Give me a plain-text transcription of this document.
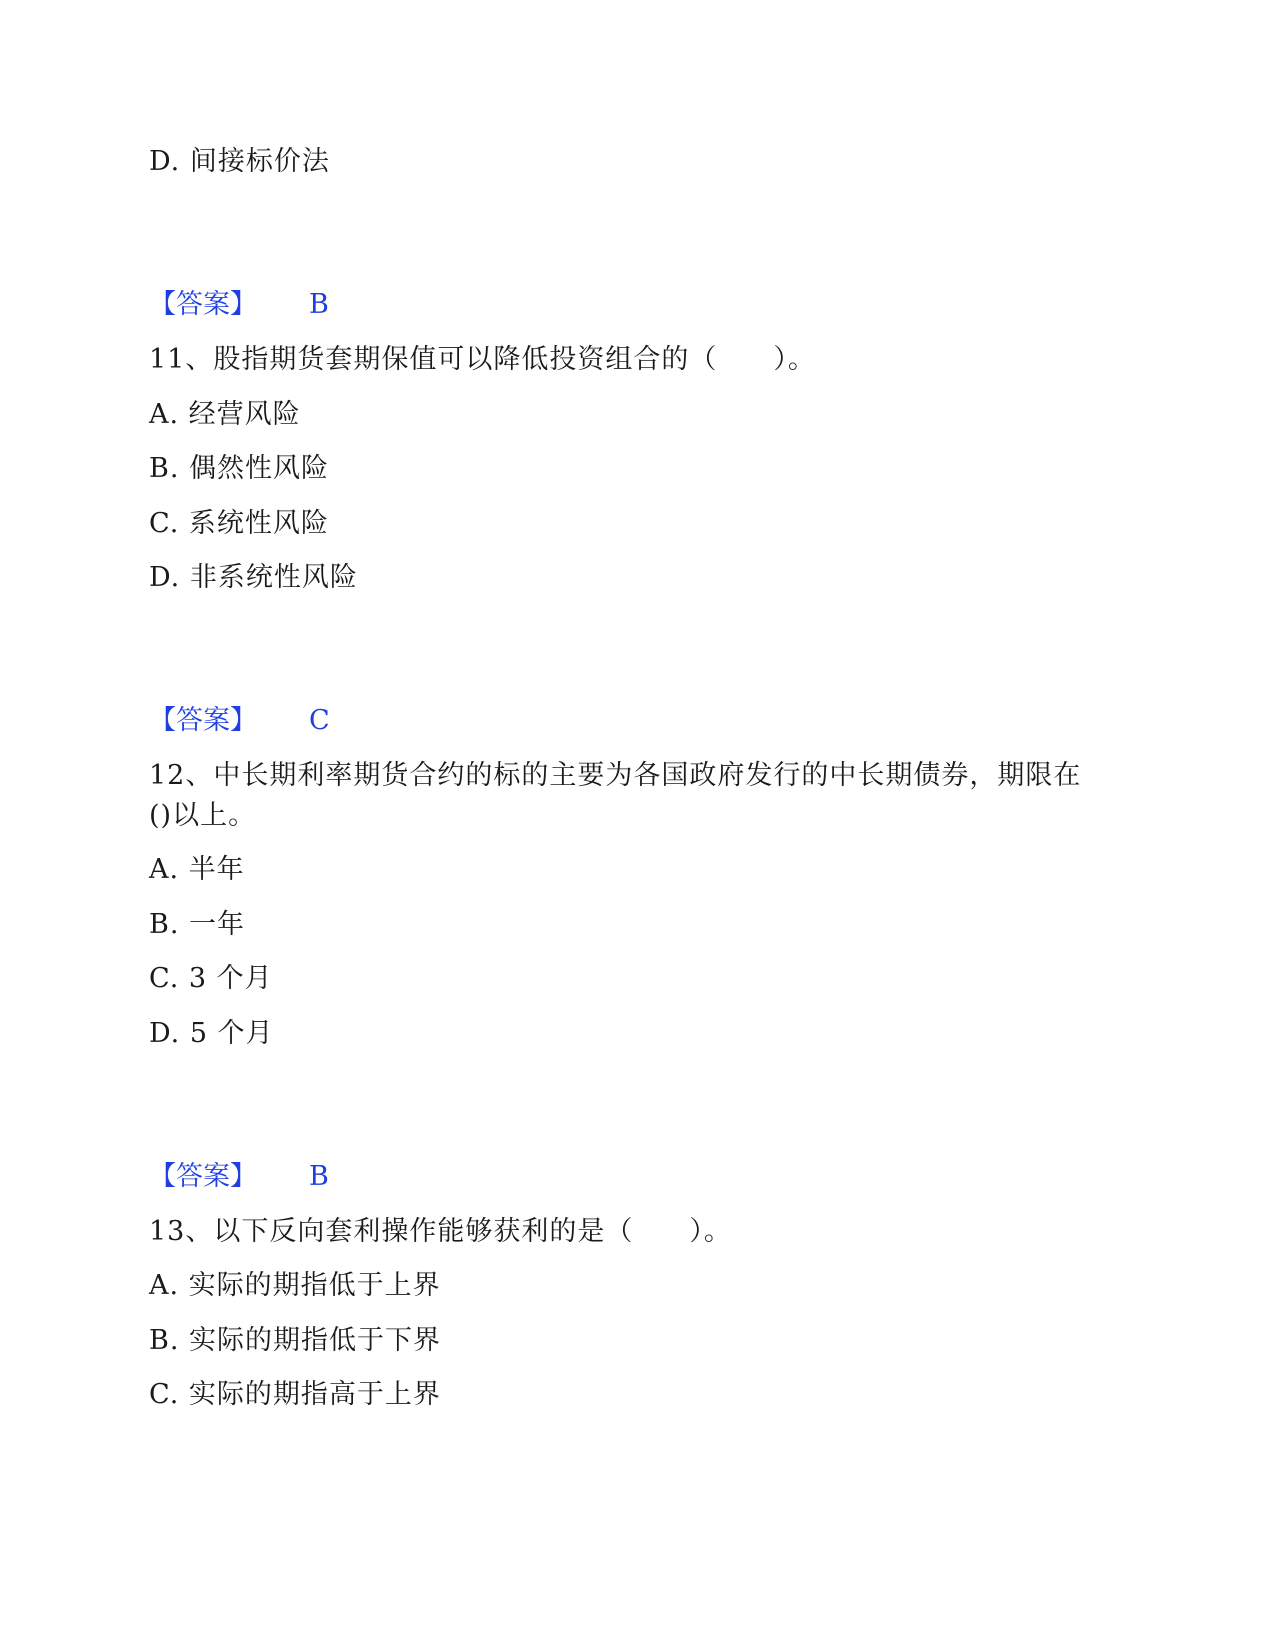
D. 间接标价法
【答案】 B
11、股指期货套期保值可以降低投资组合的（　　）。
A. 经营风险
B. 偶然性风险
C. 系统性风险
D. 非系统性风险
【答案】 C
12、中长期利率期货合约的标的主要为各国政府发行的中长期债券，期限在
()以上。
A. 半年
B. 一年
C. 3 个月
D. 5 个月
【答案】 B
13、以下反向套利操作能够获利的是（　　）。
A. 实际的期指低于上界
B. 实际的期指低于下界
C. 实际的期指高于上界
